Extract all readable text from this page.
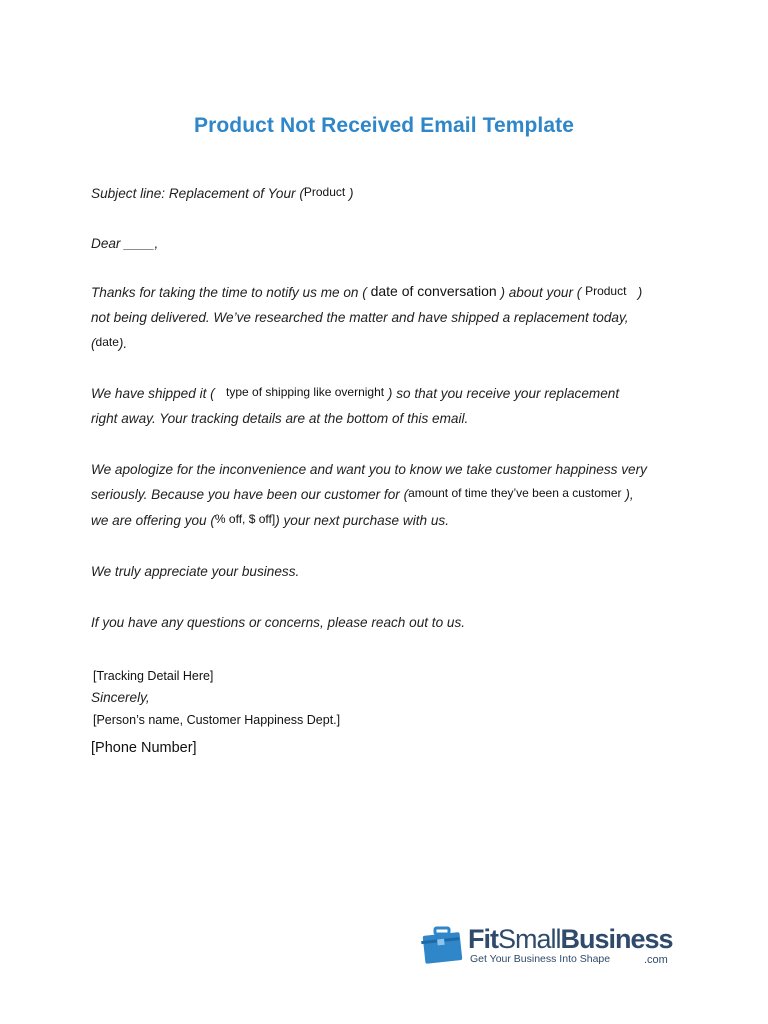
Product Not Received Email Template
Subject line: Replacement of Your (Product )
Dear ____,
Thanks for taking the time to notify us me on ( date of conversation ) about your ( Product )
not being delivered. We’ve researched the matter and have shipped a replacement today,
(date).
We have shipped it ( type of shipping like overnight ) so that you receive your replacement
right away. Your tracking details are at the bottom of this email.
We apologize for the inconvenience and want you to know we take customer happiness very
seriously. Because you have been our customer for (amount of time they’ve been a customer ),
we are offering you (% off, $ off]) your next purchase with us.
We truly appreciate your business.
If you have any questions or concerns, please reach out to us.
[Tracking Detail Here]
Sincerely,
[Person’s name, Customer Happiness Dept.]
[Phone Number]
FitSmallBusiness
Get Your Business Into Shape	.com
